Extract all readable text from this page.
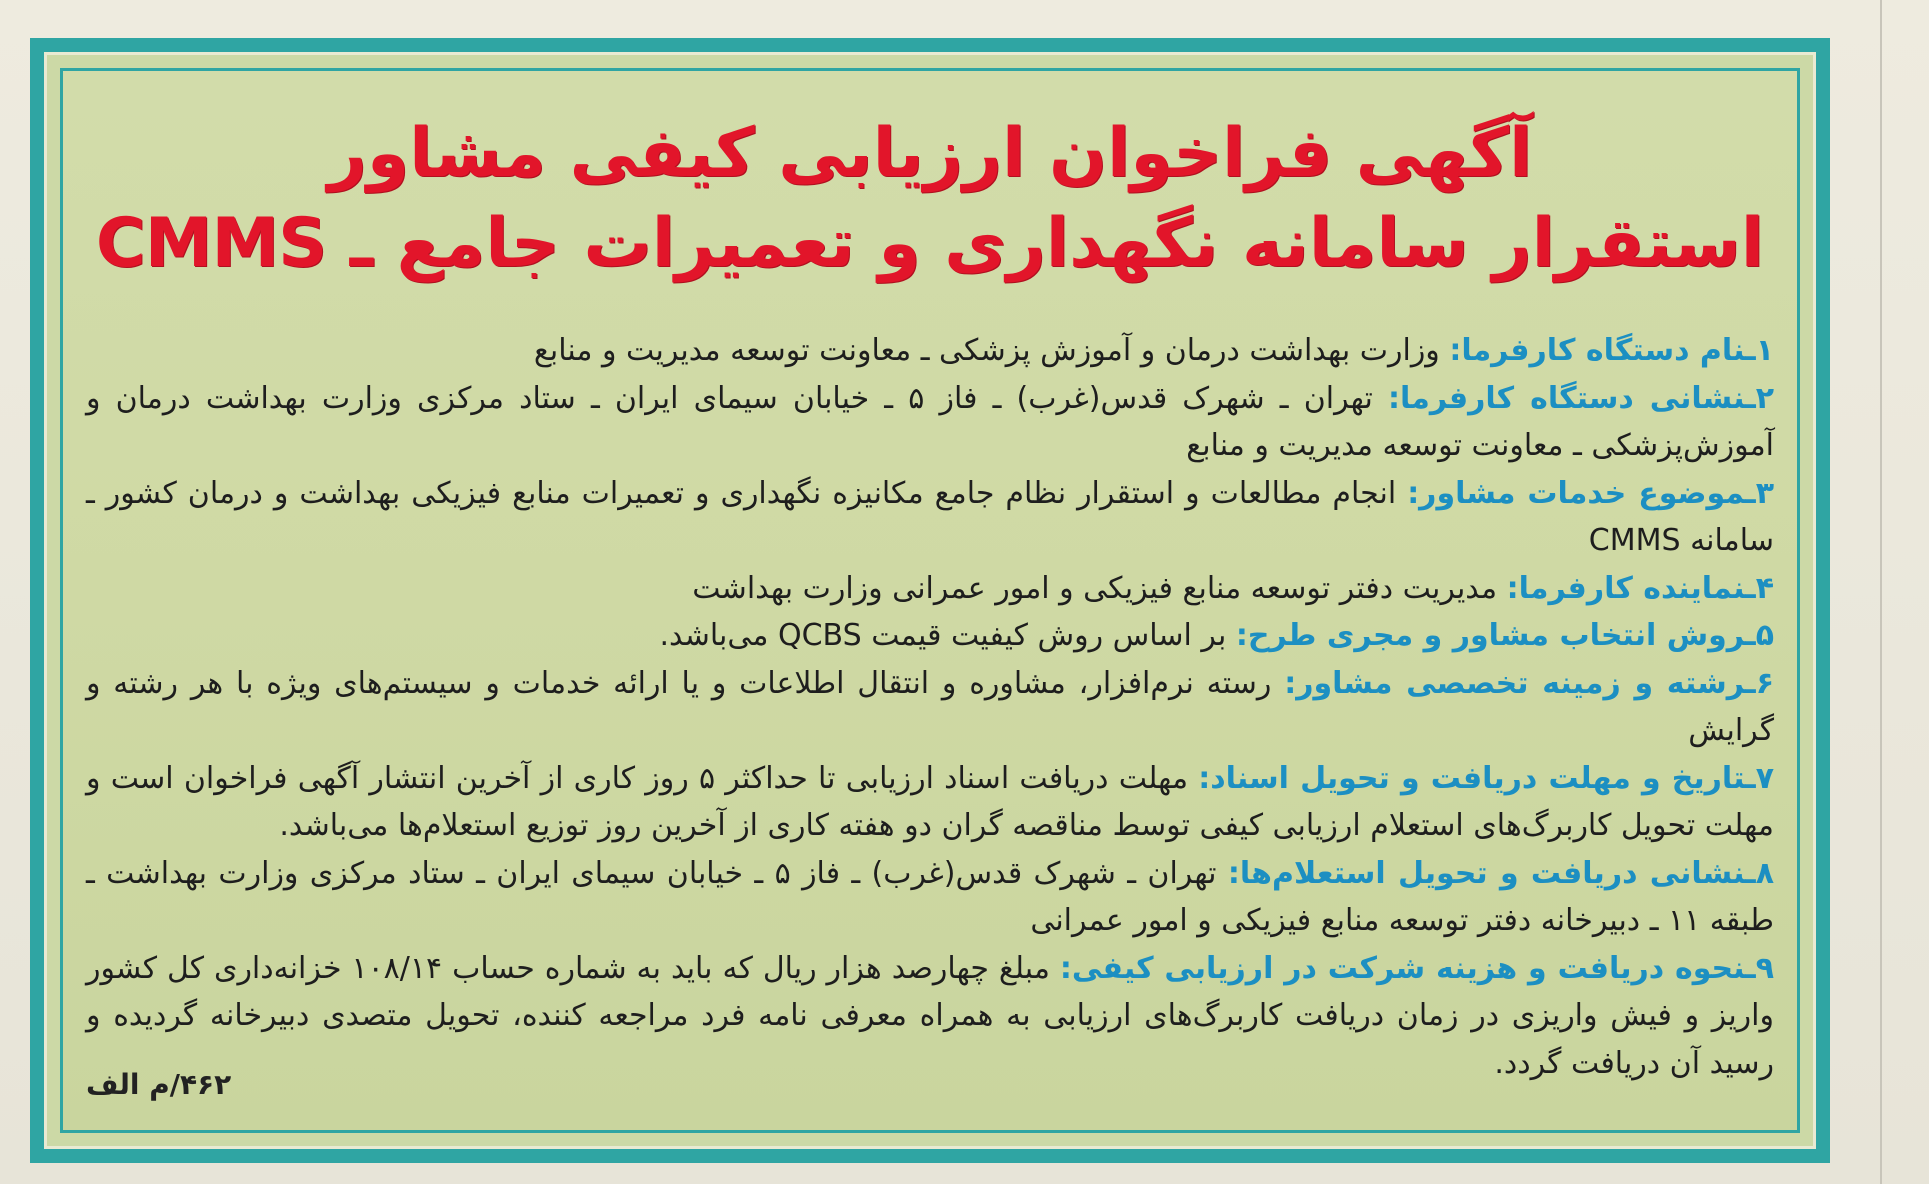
آگهی فراخوان ارزیابی کیفی مشاور
استقرار سامانه نگهداری و تعمیرات جامع ـ CMMS

۱ـنام دستگاه کارفرما: وزارت بهداشت درمان و آموزش پزشکی ـ معاونت توسعه مدیریت و منابع

۲ـنشانی دستگاه کارفرما: تهران ـ شهرک قدس(غرب) ـ فاز ۵ ـ خیابان سیمای ایران ـ ستاد مرکزی وزارت بهداشت درمان و آموزش‌پزشکی ـ معاونت توسعه مدیریت و منابع

۳ـموضوع خدمات مشاور: انجام مطالعات و استقرار نظام جامع مکانیزه نگهداری و تعمیرات منابع فیزیکی بهداشت و درمان کشور ـ سامانه CMMS

۴ـنماینده کارفرما: مدیریت دفتر توسعه منابع فیزیکی و امور عمرانی وزارت بهداشت

۵ـروش انتخاب مشاور و مجری طرح: بر اساس روش کیفیت قیمت QCBS می‌باشد.

۶ـرشته و زمینه تخصصی مشاور: رسته نرم‌افزار، مشاوره و انتقال اطلاعات و یا ارائه خدمات و سیستم‌های ویژه با هر رشته و گرایش

۷ـتاریخ و مهلت دریافت و تحویل اسناد: مهلت دریافت اسناد ارزیابی تا حداکثر ۵ روز کاری از آخرین انتشار آگهی فراخوان است و مهلت تحویل کاربرگ‌های استعلام ارزیابی کیفی توسط مناقصه گران دو هفته کاری از آخرین روز توزیع استعلام‌ها می‌باشد.

۸ـنشانی دریافت و تحویل استعلام‌ها: تهران ـ شهرک قدس(غرب) ـ فاز ۵ ـ خیابان سیمای ایران ـ ستاد مرکزی وزارت بهداشت ـ طبقه ۱۱ ـ دبیرخانه دفتر توسعه منابع فیزیکی و امور عمرانی

۹ـنحوه دریافت و هزینه شرکت در ارزیابی کیفی: مبلغ چهارصد هزار ریال که باید به شماره حساب ۱۰۸/۱۴ خزانه‌داری کل کشور واریز و فیش واریزی در زمان دریافت کاربرگ‌های ارزیابی به همراه معرفی نامه فرد مراجعه کننده، تحویل متصدی دبیرخانه گردیده و رسید آن دریافت گردد.

۴۶۲/م الف
